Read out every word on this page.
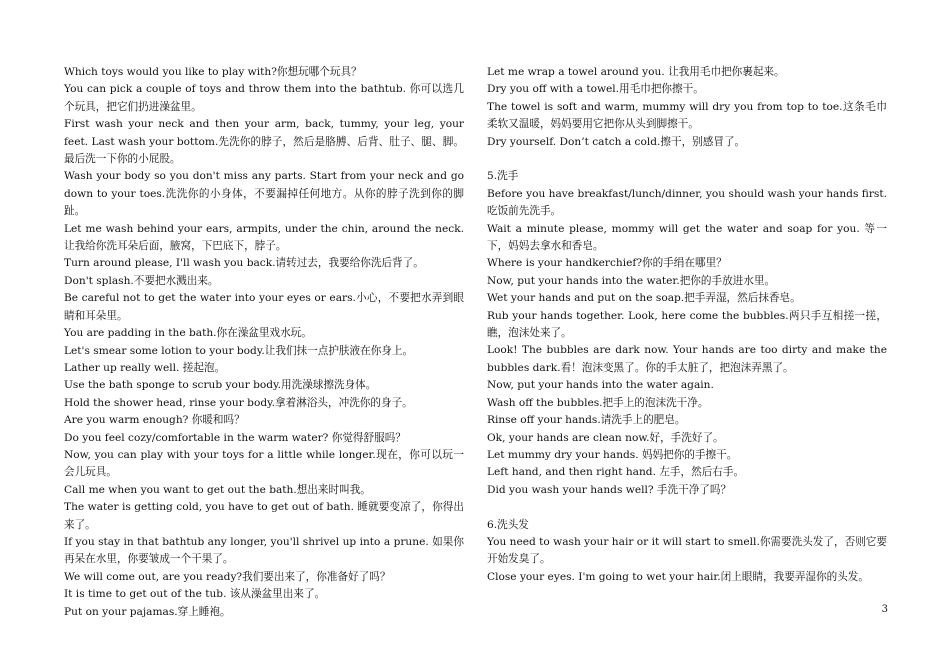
Which toys would you like to play with?你想玩哪个玩具？

You can pick a couple of toys and throw them into the bathtub. 你可以选几个玩具，把它们扔进澡盆里。

First wash your neck and then your arm, back, tummy, your leg, your feet. Last wash your bottom.先洗你的脖子，然后是胳膊、后背、肚子、腿、脚。最后洗一下你的小屁股。

Wash your body so you don't miss any parts. Start from your neck and go down to your toes.洗洗你的小身体，不要漏掉任何地方。从你的脖子洗到你的脚趾。

Let me wash behind your ears, armpits, under the chin, around the neck. 让我给你洗耳朵后面，腋窝，下巴底下，脖子。

Turn around please, I'll wash you back.请转过去，我要给你洗后背了。

Don't splash.不要把水溅出来。

Be careful not to get the water into your eyes or ears.小心，不要把水弄到眼睛和耳朵里。

You are padding in the bath.你在澡盆里戏水玩。

Let's smear some lotion to your body.让我们抹一点护肤液在你身上。

Lather up really well. 搓起泡。

Use the bath sponge to scrub your body.用洗澡球擦洗身体。

Hold the shower head, rinse your body.拿着淋浴头，冲洗你的身子。

Are you warm enough? 你暖和吗？

Do you feel cozy/comfortable in the warm water? 你觉得舒服吗？

Now, you can play with your toys for a little while longer.现在，你可以玩一会儿玩具。

Call me when you want to get out the bath.想出来时叫我。

The water is getting cold, you have to get out of bath. 睡就要变凉了，你得出来了。

If you stay in that bathtub any longer, you'll shrivel up into a prune. 如果你再呆在水里，你要皱成一个干果了。

We will come out, are you ready?我们要出来了，你准备好了吗？

It is time to get out of the tub. 该从澡盆里出来了。

Put on your pajamas.穿上睡袍。

Let me wrap a towel around you. 让我用毛巾把你裹起来。

Dry you off with a towel.用毛巾把你擦干。

The towel is soft and warm, mummy will dry you from top to toe.这条毛巾柔软又温暖，妈妈要用它把你从头到脚擦干。

Dry yourself. Don’t catch a cold.擦干，别感冒了。

5.洗手

Before you have breakfast/lunch/dinner, you should wash your hands first.吃饭前先洗手。

Wait a minute please, mommy will get the water and soap for you. 等一下，妈妈去拿水和香皂。

Where is your handkerchief?你的手绢在哪里？

Now, put your hands into the water.把你的手放进水里。

Wet your hands and put on the soap.把手弄湿，然后抹香皂。

Rub your hands together. Look, here come the bubbles.两只手互相搓一搓，瞧，泡沫处来了。

Look! The bubbles are dark now. Your hands are too dirty and make the bubbles dark.看！泡沫变黑了。你的手太脏了，把泡沫弄黑了。

Now, put your hands into the water again.

Wash off the bubbles.把手上的泡沫洗干净。

Rinse off your hands.请洗手上的肥皂。

Ok, your hands are clean now.好，手洗好了。

Let mummy dry your hands. 妈妈把你的手擦干。

Left hand, and then right hand. 左手，然后右手。

Did you wash your hands well? 手洗干净了吗？

6.洗头发

You need to wash your hair or it will start to smell.你需要洗头发了，否则它要开始发臭了。

Close your eyes. I'm going to wet your hair.闭上眼睛，我要弄湿你的头发。

3
